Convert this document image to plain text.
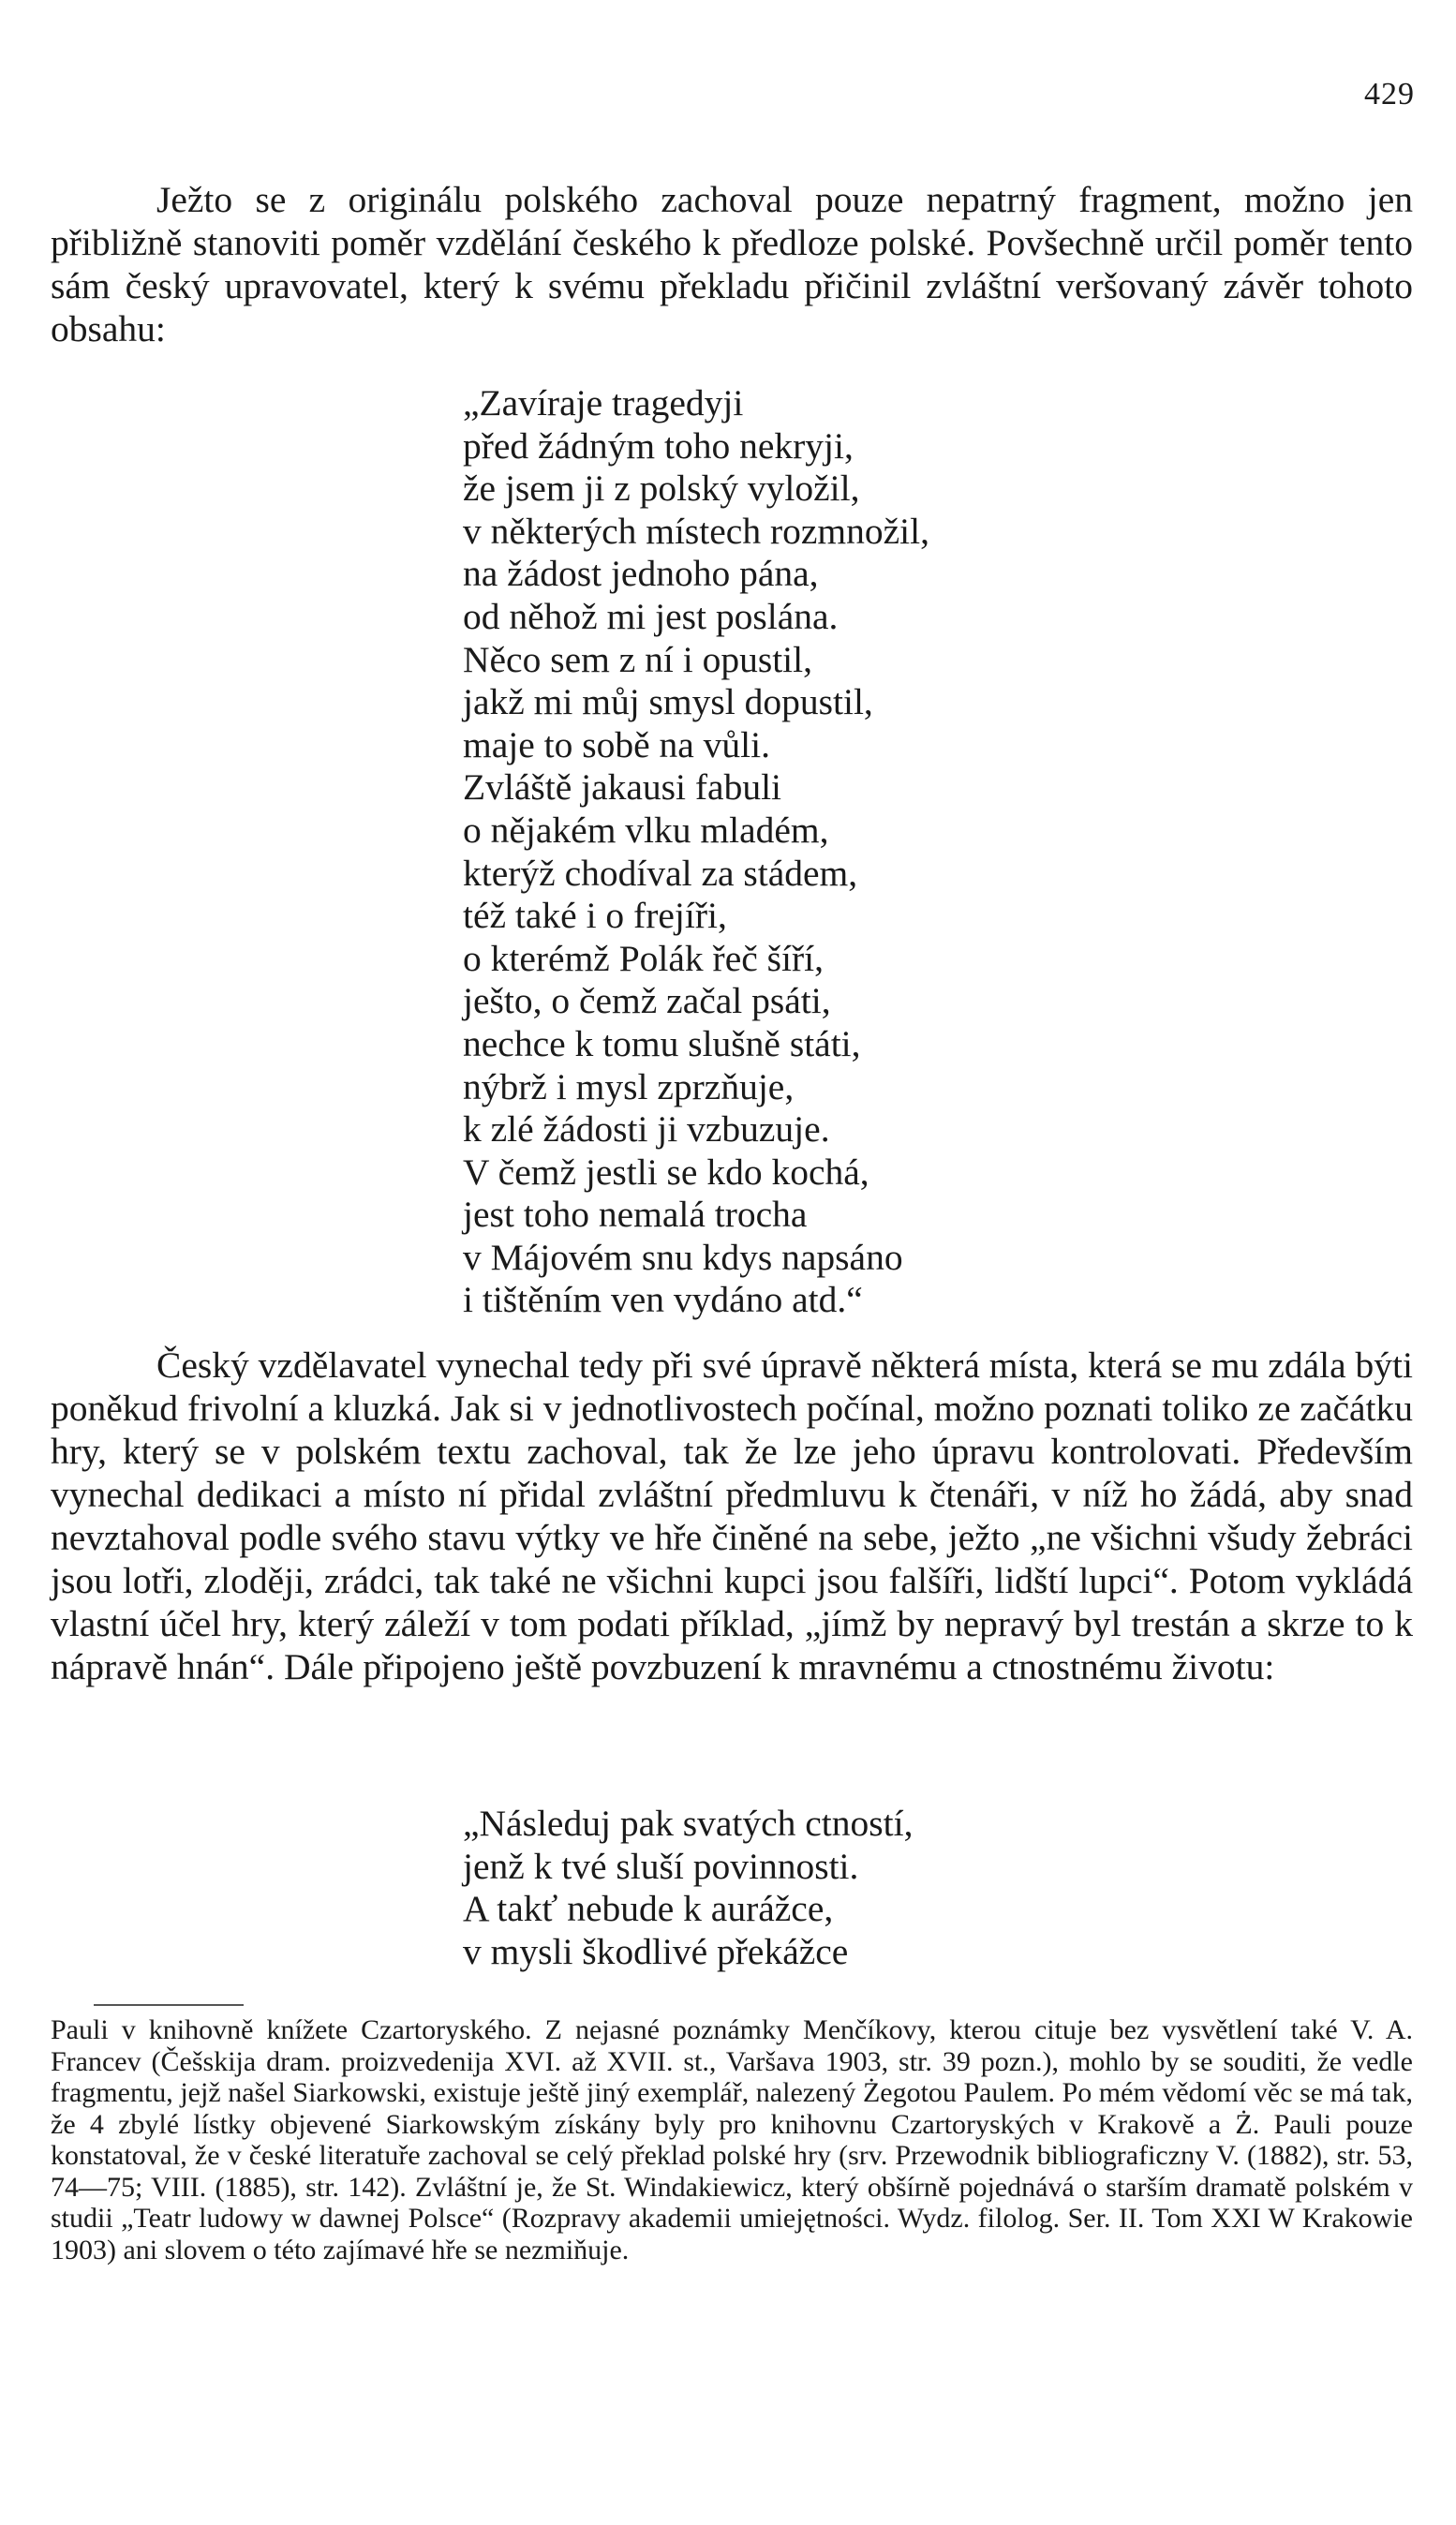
429

Ježto se z originálu polského zachoval pouze nepatrný fragment, možno jen přibližně stanoviti poměr vzdělání českého k předloze polské. Povšechně určil poměr tento sám český upravovatel, který k svému překladu přičinil zvláštní veršovaný závěr tohoto obsahu:

„Zavíraje tragedyji
před žádným toho nekryji,
že jsem ji z polský vyložil,
v některých místech rozmnožil,
na žádost jednoho pána,
od něhož mi jest poslána.
Něco sem z ní i opustil,
jakž mi můj smysl dopustil,
maje to sobě na vůli.
Zvláště jakausi fabuli
o nějakém vlku mladém,
kterýž chodíval za stádem,
též také i o frejíři,
o kterémž Polák řeč šíří,
ješto, o čemž začal psáti,
nechce k tomu slušně státi,
nýbrž i mysl zprzňuje,
k zlé žádosti ji vzbuzuje.
V čemž jestli se kdo kochá,
jest toho nemalá trocha
v Májovém snu kdys napsáno
i tištěním ven vydáno atd.“

Český vzdělavatel vynechal tedy při své úpravě některá místa, která se mu zdála býti poněkud frivolní a kluzká. Jak si v jednotlivostech počínal, možno poznati toliko ze začátku hry, který se v polském textu zachoval, tak že lze jeho úpravu kontrolovati. Především vynechal dedikaci a místo ní přidal zvláštní předmluvu k čtenáři, v níž ho žádá, aby snad nevztahoval podle svého stavu výtky ve hře činěné na sebe, ježto „ne všichni všudy žebráci jsou lotři, zloději, zrádci, tak také ne všichni kupci jsou falšíři, lidští lupci“. Potom vykládá vlastní účel hry, který záleží v tom podati příklad, „jímž by nepravý byl trestán a skrze to k nápravě hnán“. Dále připojeno ještě povzbuzení k mravnému a ctnostnému životu:

„Následuj pak svatých ctností,
jenž k tvé sluší povinnosti.
A takť nebude k aurážce,
v mysli škodlivé překážce

Pauli v knihovně knížete Czartoryského. Z nejasné poznámky Menčíkovy, kterou cituje bez vysvětlení také V. A. Francev (Češskija dram. proizvedenija XVI. až XVII. st., Varšava 1903, str. 39 pozn.), mohlo by se souditi, že vedle fragmentu, jejž našel Siarkowski, existuje ještě jiný exemplář, nalezený Żegotou Paulem. Po mém vědomí věc se má tak, že 4 zbylé lístky objevené Siarkowským získány byly pro knihovnu Czartoryských v Krakově a Ż. Pauli pouze konstatoval, že v české literatuře zachoval se celý překlad polské hry (srv. Przewodnik bibliograficzny V. (1882), str. 53, 74—75; VIII. (1885), str. 142). Zvláštní je, že St. Windakiewicz, který obšírně pojednává o starším dramatě polském v studii „Teatr ludowy w dawnej Polsce“ (Rozpravy akademii umiejętności. Wydz. filolog. Ser. II. Tom XXI W Krakowie 1903) ani slovem o této zajímavé hře se nezmiňuje.
